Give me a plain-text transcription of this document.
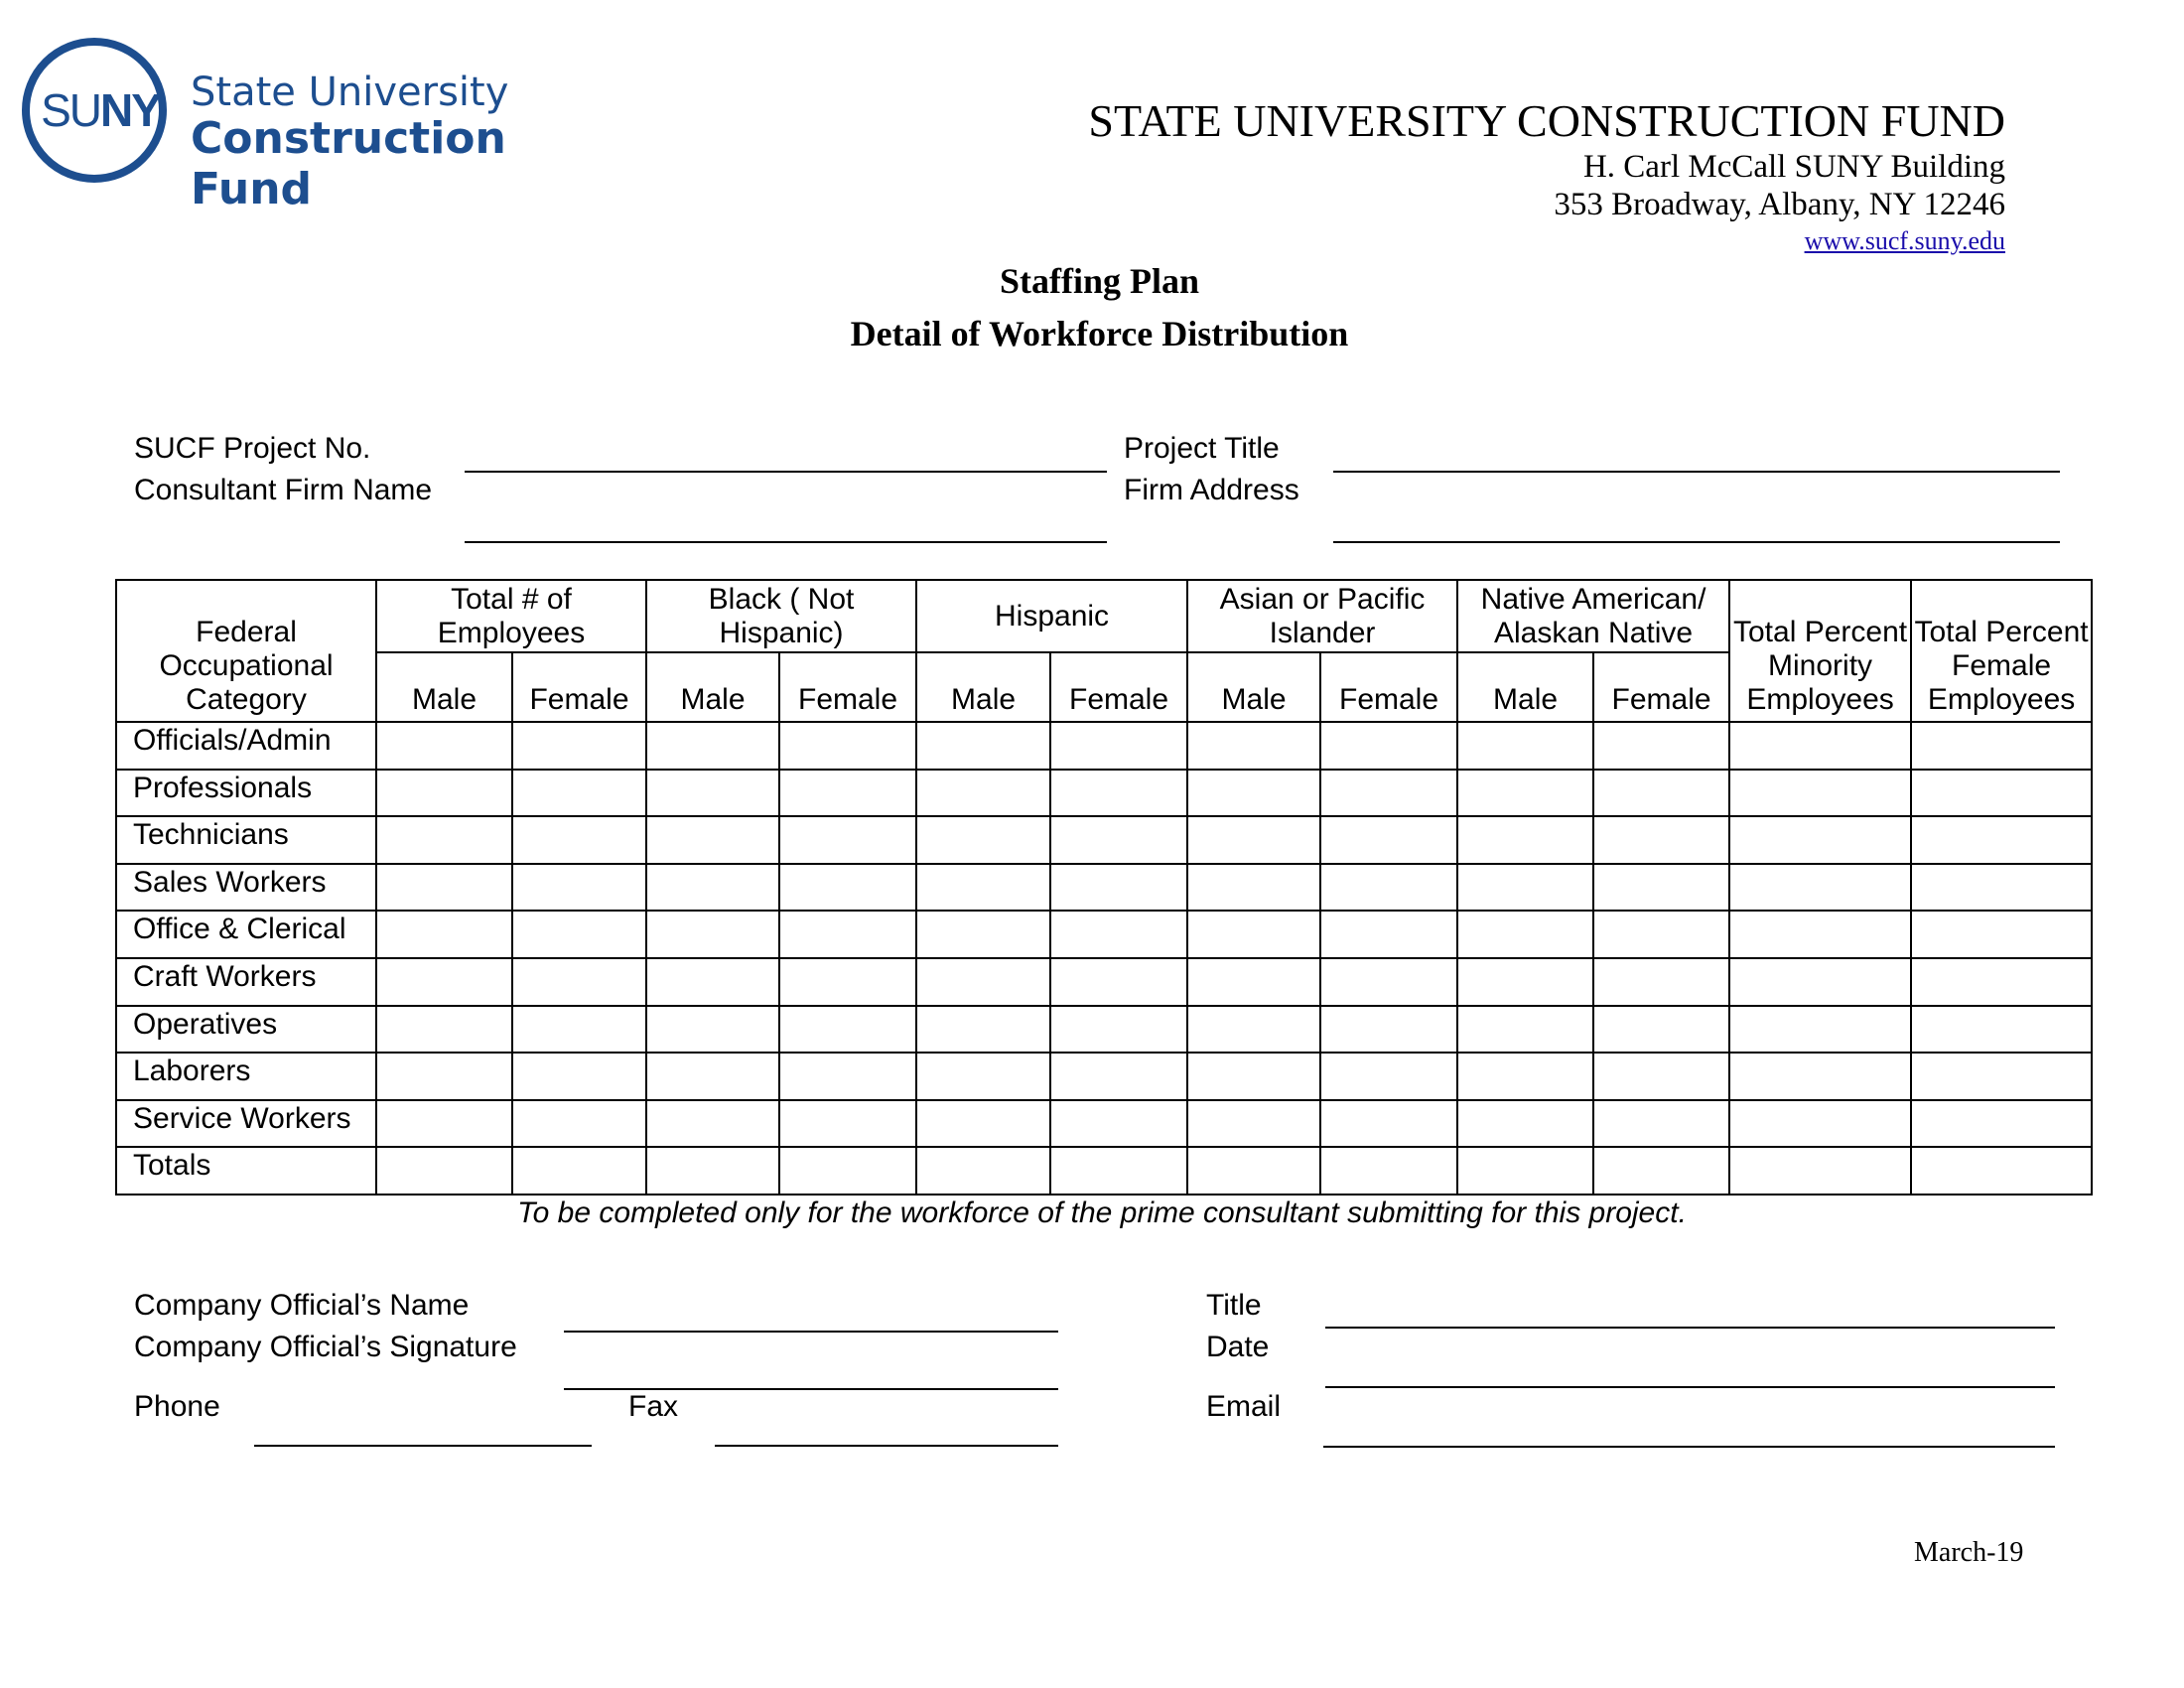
SUNY State University
Construction Fund
STATE UNIVERSITY CONSTRUCTION FUND
H. Carl McCall SUNY Building
353 Broadway, Albany, NY 12246
www.sucf.suny.edu
Staffing Plan
Detail of Workforce Distribution
SUCF Project No.
Consultant Firm Name
Project Title
Firm Address
Federal Occupational Category	Total # of Employees		Black ( Not Hispanic)		Hispanic		Asian or Pacific Islander		Native American/ Alaskan Native		Total Percent Minority Employees	Total Percent Female Employees
	Male	Female	Male	Female	Male	Female	Male	Female	Male	Female		
Officials/Admin												
Professionals												
Technicians												
Sales Workers												
Office & Clerical												
Craft Workers												
Operatives												
Laborers												
Service Workers												
Totals												
To be completed only for the workforce of the prime consultant submitting for this project.
Company Official’s Name
Company Official’s Signature
Phone	Fax
Title
Date
Email
March-19
